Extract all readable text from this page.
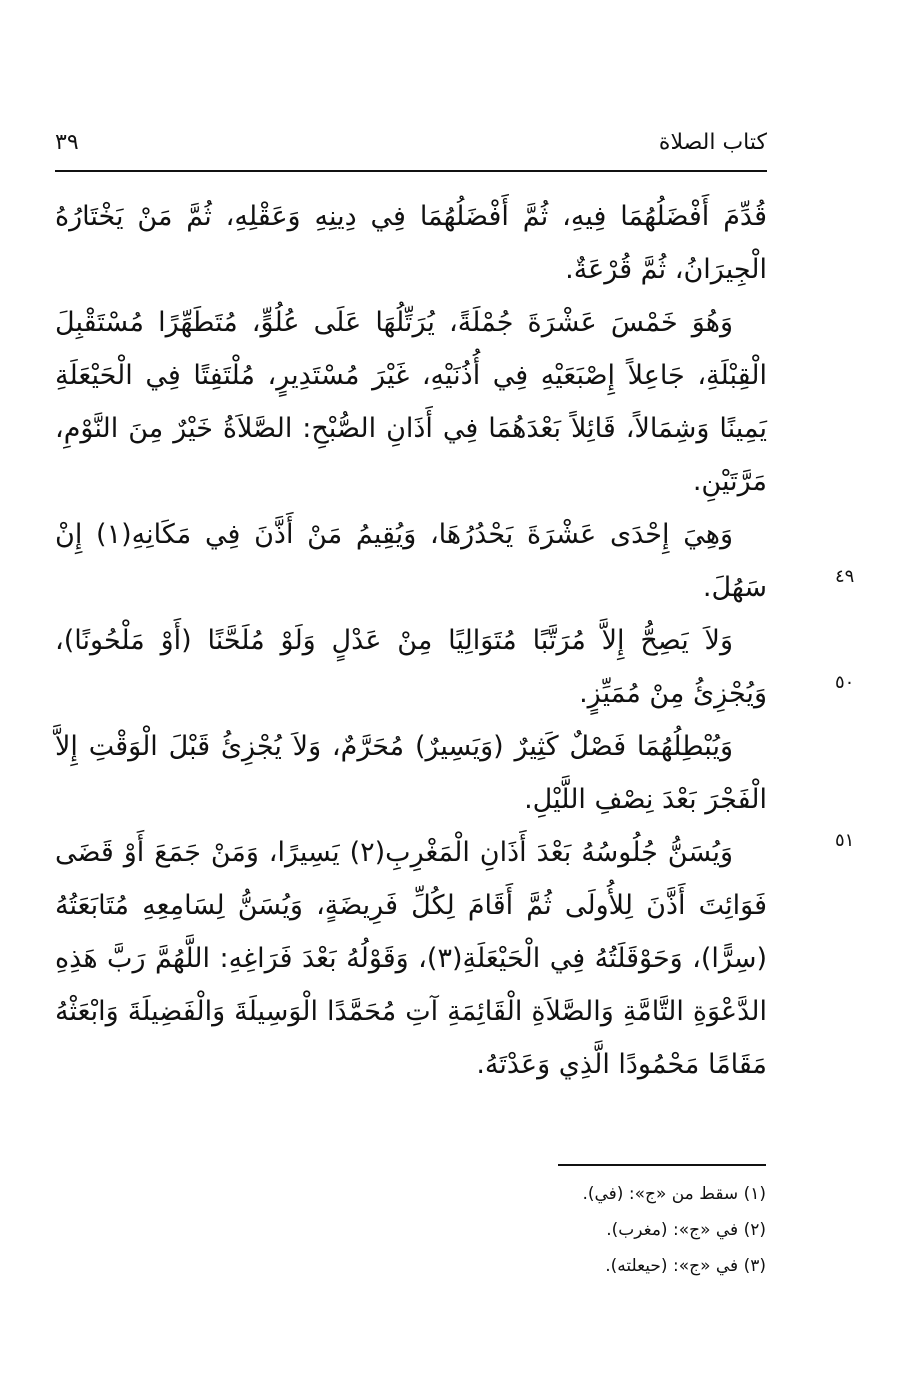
كتاب الصلاة
٣٩

قُدِّمَ أَفْضَلُهُمَا فِيهِ، ثُمَّ أَفْضَلُهُمَا فِي دِينِهِ وَعَقْلِهِ، ثُمَّ مَنْ يَخْتَارُهُ الْجِيرَانُ، ثُمَّ قُرْعَةٌ.

وَهُوَ خَمْسَ عَشْرَةَ جُمْلَةً، يُرَتِّلُهَا عَلَى عُلُوٍّ، مُتَطَهِّرًا مُسْتَقْبِلَ الْقِبْلَةِ، جَاعِلاً إِصْبَعَيْهِ فِي أُذُنَيْهِ، غَيْرَ مُسْتَدِيرٍ، مُلْتَفِتًا فِي الْحَيْعَلَةِ يَمِينًا وَشِمَالاً، قَائِلاً بَعْدَهُمَا فِي أَذَانِ الصُّبْحِ: الصَّلاَةُ خَيْرٌ مِنَ النَّوْمِ، مَرَّتَيْنِ.

وَهِيَ إِحْدَى عَشْرَةَ يَحْدُرُهَا، وَيُقِيمُ مَنْ أَذَّنَ فِي مَكَانِهِ(١) إِنْ سَهُلَ.

وَلاَ يَصِحُّ إِلاَّ مُرَتَّبًا مُتَوَالِيًا مِنْ عَدْلٍ وَلَوْ مُلَحَّنًا (أَوْ مَلْحُونًا)، وَيُجْزِئُ مِنْ مُمَيِّزٍ.

وَيُبْطِلُهُمَا فَصْلٌ كَثِيرٌ (وَيَسِيرٌ) مُحَرَّمٌ، وَلاَ يُجْزِئُ قَبْلَ الْوَقْتِ إِلاَّ الْفَجْرَ بَعْدَ نِصْفِ اللَّيْلِ.

وَيُسَنُّ جُلُوسُهُ بَعْدَ أَذَانِ الْمَغْرِبِ(٢) يَسِيرًا، وَمَنْ جَمَعَ أَوْ قَضَى فَوَائِتَ أَذَّنَ لِلأُولَى ثُمَّ أَقَامَ لِكُلِّ فَرِيضَةٍ، وَيُسَنُّ لِسَامِعِهِ مُتَابَعَتُهُ (سِرًّا)، وَحَوْقَلَتُهُ فِي الْحَيْعَلَةِ(٣)، وَقَوْلُهُ بَعْدَ فَرَاغِهِ: اللَّهُمَّ رَبَّ هَذِهِ الدَّعْوَةِ التَّامَّةِ وَالصَّلاَةِ الْقَائِمَةِ آتِ مُحَمَّدًا الْوَسِيلَةَ وَالْفَضِيلَةَ وَابْعَثْهُ مَقَامًا مَحْمُودًا الَّذِي وَعَدْتَهُ.

٤٩
٥٠
٥١

(١) سقط من «ج»: (في).

(٢) في «ج»: (مغرب).

(٣) في «ج»: (حيعلته).
